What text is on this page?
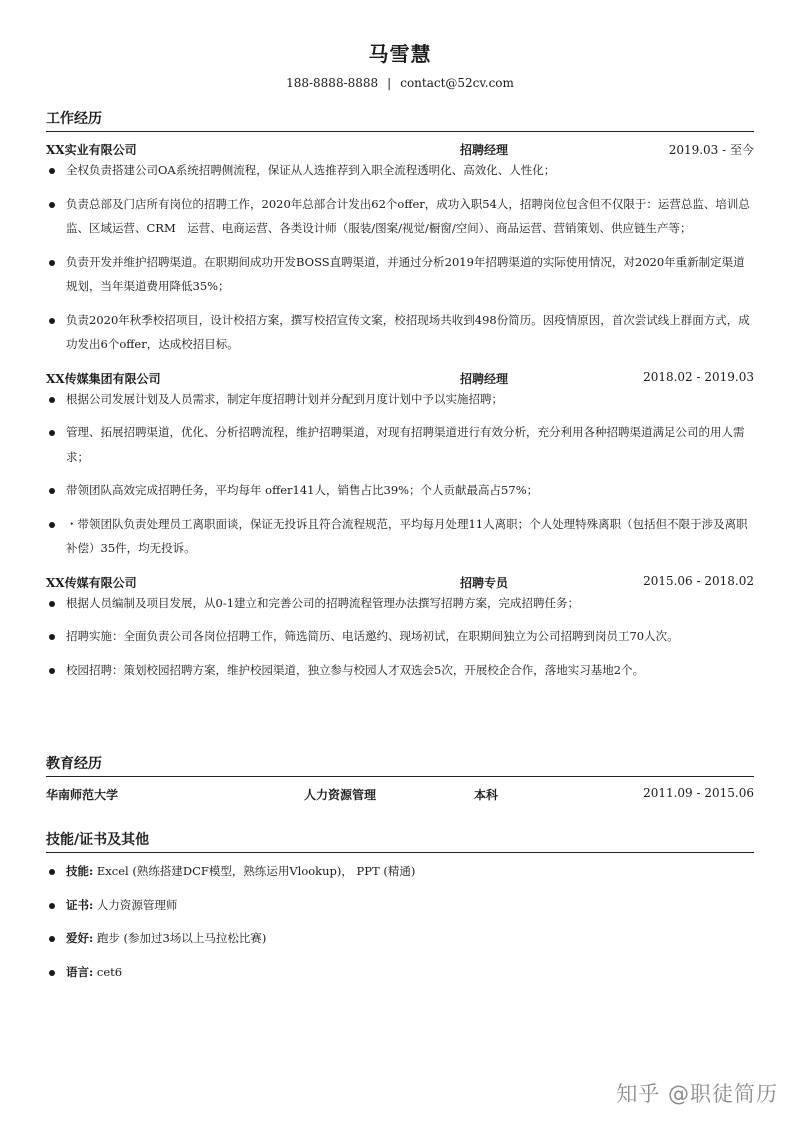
马雪慧
188-8888-8888 | contact@52cv.com
工作经历
XX实业有限公司	招聘经理	2019.03 - 至今
全权负责搭建公司OA系统招聘侧流程，保证从人选推荐到入职全流程透明化、高效化、人性化；
负责总部及门店所有岗位的招聘工作，2020年总部合计发出62个offer，成功入职54人，招聘岗位包含但不仅限于：运营总监、培训总监、区域运营、CRM　运营、电商运营、各类设计师（服装/图案/视觉/橱窗/空间）、商品运营、营销策划、供应链生产等；
负责开发并维护招聘渠道。在职期间成功开发BOSS直聘渠道，并通过分析2019年招聘渠道的实际使用情况，对2020年重新制定渠道规划，当年渠道费用降低35%；
负责2020年秋季校招项目，设计校招方案，撰写校招宣传文案，校招现场共收到498份简历。因疫情原因，首次尝试线上群面方式，成功发出6个offer，达成校招目标。
XX传媒集团有限公司	招聘经理	2018.02 - 2019.03
根据公司发展计划及人员需求，制定年度招聘计划并分配到月度计划中予以实施招聘；
管理、拓展招聘渠道，优化、分析招聘流程，维护招聘渠道，对现有招聘渠道进行有效分析，充分利用各种招聘渠道满足公司的用人需求；
带领团队高效完成招聘任务，平均每年 offer141人，销售占比39%；个人贡献最高占57%；
・带领团队负责处理员工离职面谈，保证无投诉且符合流程规范，平均每月处理11人离职；个人处理特殊离职（包括但不限于涉及离职补偿）35件，均无投诉。
XX传媒有限公司	招聘专员	2015.06 - 2018.02
根据人员编制及项目发展，从0-1建立和完善公司的招聘流程管理办法撰写招聘方案，完成招聘任务；
招聘实施：全面负责公司各岗位招聘工作，筛选简历、电话邀约、现场初试，在职期间独立为公司招聘到岗员工70人次。
校园招聘：策划校园招聘方案，维护校园渠道，独立参与校园人才双选会5次，开展校企合作，落地实习基地2个。
教育经历
华南师范大学	人力资源管理	本科	2011.09 - 2015.06
技能/证书及其他
技能: Excel (熟练搭建DCF模型，熟练运用Vlookup)， PPT (精通)
证书: 人力资源管理师
爱好: 跑步 (参加过3场以上马拉松比赛)
语言: cet6
知乎 @职徒简历
